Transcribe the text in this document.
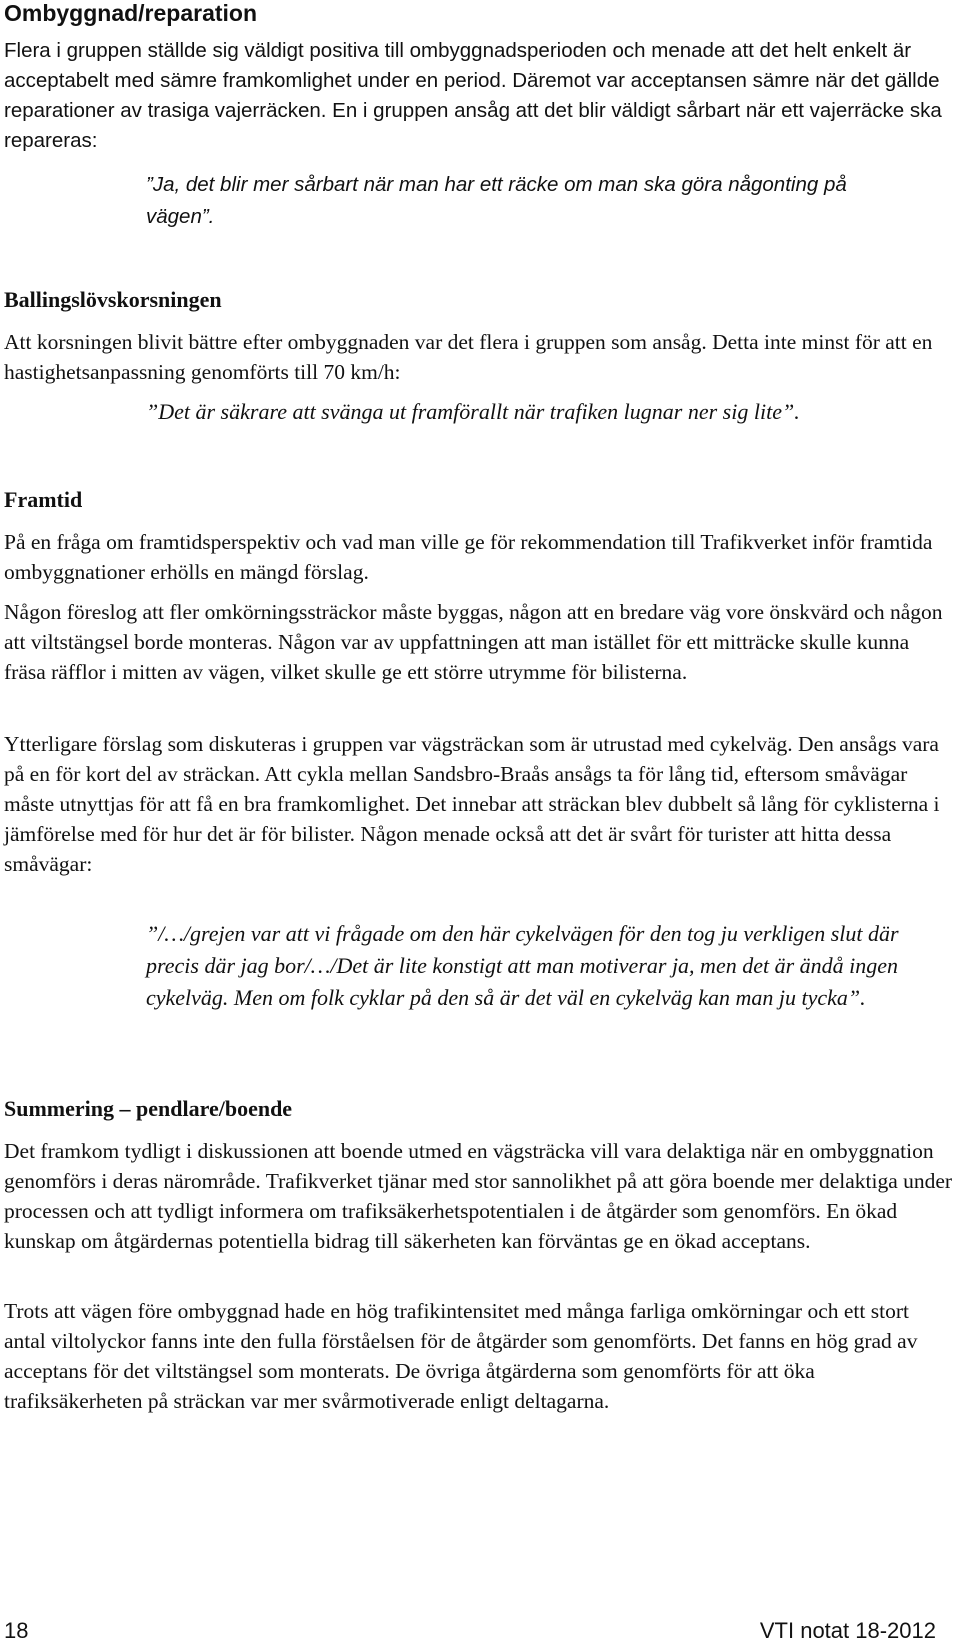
Ombyggnad/reparation

Flera i gruppen ställde sig väldigt positiva till ombyggnadsperioden och menade att det helt enkelt är acceptabelt med sämre framkomlighet under en period. Däremot var acceptansen sämre när det gällde reparationer av trasiga vajerräcken. En i gruppen ansåg att det blir väldigt sårbart när ett vajerräcke ska repareras:

”Ja, det blir mer sårbart när man har ett räcke om man ska göra någonting på vägen”.

Ballingslövskorsningen

Att korsningen blivit bättre efter ombyggnaden var det flera i gruppen som ansåg. Detta inte minst för att en hastighetsanpassning genomförts till 70 km/h:

”Det är säkrare att svänga ut framförallt när trafiken lugnar ner sig lite”.

Framtid

På en fråga om framtidsperspektiv och vad man ville ge för rekommendation till Trafikverket inför framtida ombyggnationer erhölls en mängd förslag.

Någon föreslog att fler omkörningssträckor måste byggas, någon att en bredare väg vore önskvärd och någon att viltstängsel borde monteras. Någon var av uppfattningen att man istället för ett mitträcke skulle kunna fräsa räfflor i mitten av vägen, vilket skulle ge ett större utrymme för bilisterna.

Ytterligare förslag som diskuteras i gruppen var vägsträckan som är utrustad med cykelväg. Den ansågs vara på en för kort del av sträckan. Att cykla mellan Sandsbro-Braås ansågs ta för lång tid, eftersom småvägar måste utnyttjas för att få en bra framkomlighet. Det innebar att sträckan blev dubbelt så lång för cyklisterna i jämförelse med för hur det är för bilister. Någon menade också att det är svårt för turister att hitta dessa småvägar:

”/…/grejen var att vi frågade om den här cykelvägen för den tog ju verkligen slut där precis där jag bor/…/Det är lite konstigt att man motiverar ja, men det är ändå ingen cykelväg. Men om folk cyklar på den så är det väl en cykelväg kan man ju tycka”.

Summering – pendlare/boende

Det framkom tydligt i diskussionen att boende utmed en vägsträcka vill vara delaktiga när en ombyggnation genomförs i deras närområde. Trafikverket tjänar med stor sannolikhet på att göra boende mer delaktiga under processen och att tydligt informera om trafiksäkerhetspotentialen i de åtgärder som genomförs. En ökad kunskap om åtgärdernas potentiella bidrag till säkerheten kan förväntas ge en ökad acceptans.

Trots att vägen före ombyggnad hade en hög trafikintensitet med många farliga omkörningar och ett stort antal viltolyckor fanns inte den fulla förståelsen för de åtgärder som genomförts. Det fanns en hög grad av acceptans för det viltstängsel som monterats. De övriga åtgärderna som genomförts för att öka trafiksäkerheten på sträckan var mer svårmotiverade enligt deltagarna.

18	VTI notat 18-2012
